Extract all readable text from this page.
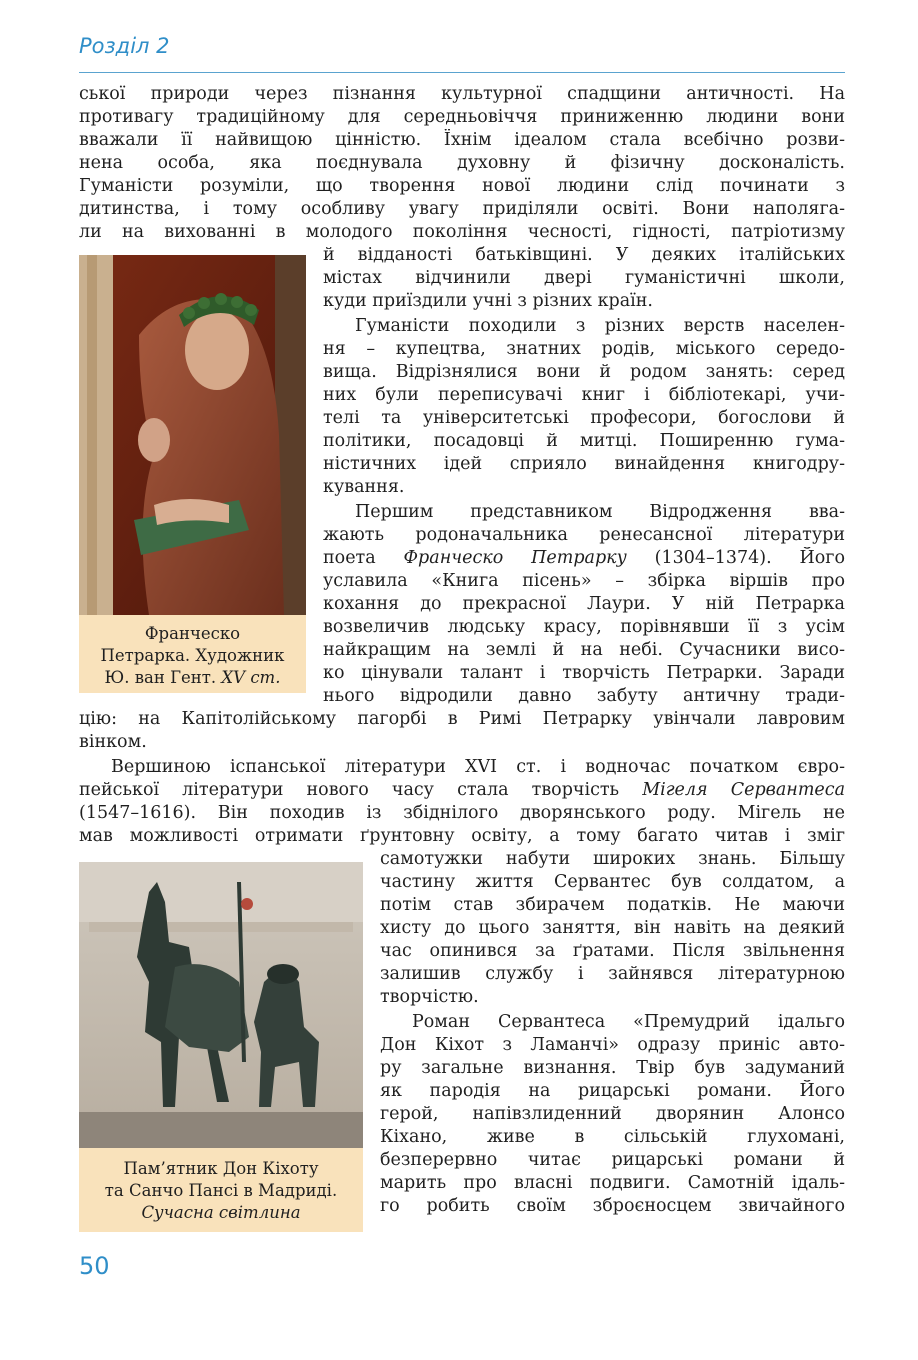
Розділ 2
ської природи через пізнання культурної спадщини античності. На
противагу традиційному для середньовіччя приниженню людини вони
вважали її найвищою цінністю. Їхнім ідеалом стала всебічно розви-
нена особа, яка поєднувала духовну й фізичну досконалість.
Гуманісти розуміли, що творення нової людини слід починати з
дитинства, і тому особливу увагу приділяли освіті. Вони наполяга-
ли на вихованні в молодого покоління чесності, гідності, патріотизму
й відданості батьківщині. У деяких італійських
містах відчинили двері гуманістичні школи,
куди приїздили учні з різних країн.
Гуманісти походили з різних верств населен-
ня – купецтва, знатних родів, міського середо-
вища. Відрізнялися вони й родом занять: серед
них були переписувачі книг і бібліотекарі, учи-
телі та університетські професори, богослови й
політики, посадовці й митці. Поширенню гума-
ністичних ідей сприяло винайдення книгодру-
кування.
Першим представником Відродження вва-
жають родоначальника ренесансної літератури
поета Франческо Петрарку (1304–1374). Його
уславила «Книга пісень» – збірка віршів про
кохання до прекрасної Лаури. У ній Петрарка
возвеличив людську красу, порівнявши її з усім
найкращим на землі й на небі. Сучасники висо-
ко цінували талант і творчість Петрарки. Заради
нього відродили давно забуту античну тради-
цію: на Капітолійському пагорбі в Римі Петрарку увінчали лавровим
вінком.
Вершиною іспанської літератури XVI ст. і водночас початком євро-
пейської літератури нового часу стала творчість Мігеля Сервантеса
(1547–1616). Він походив із збіднілого дворянського роду. Мігель не
мав можливості отримати ґрунтовну освіту, а тому багато читав і зміг
самотужки набути широких знань. Більшу
частину життя Сервантес був солдатом, а
потім став збирачем податків. Не маючи
хисту до цього заняття, він навіть на деякий
час опинився за ґратами. Після звільнення
залишив службу і зайнявся літературною
творчістю.
Роман Сервантеса «Премудрий ідальго
Дон Кіхот з Ламанчі» одразу приніс авто-
ру загальне визнання. Твір був задуманий
як пародія на рицарські романи. Його
герой, напівзлиденний дворянин Алонсо
Кіхано, живе в сільській глухомані,
безперервно читає рицарські романи й
марить про власні подвиги. Самотній ідаль-
го робить своїм зброєносцем звичайного
Франческо
Петрарка. Художник
Ю. ван Гент. XV ст.
Пам’ятник Дон Кіхоту
та Санчо Пансі в Мадриді.
Сучасна світлина
50
